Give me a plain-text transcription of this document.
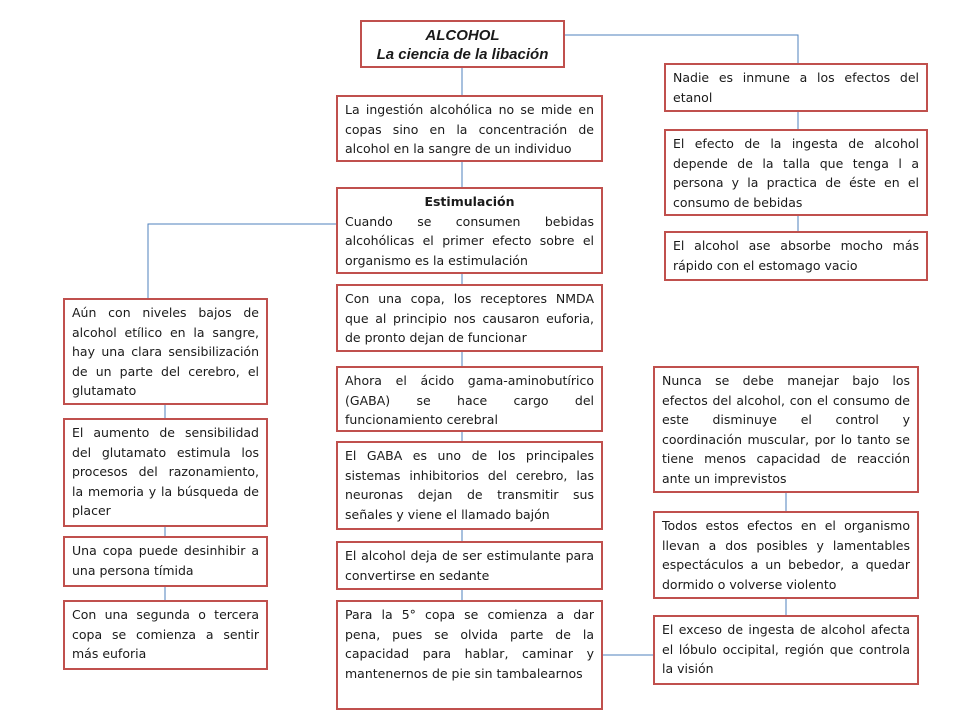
ALCOHOL
La ciencia de la libación
La ingestión alcohólica no se mide en copas sino en la concentración de alcohol en la sangre de un individuo
Estimulación
Cuando se consumen bebidas alcohólicas el primer efecto sobre el organismo es la estimulación
Con una copa, los receptores NMDA que al principio nos causaron euforia, de pronto dejan de funcionar
Ahora el ácido gama-aminobutírico (GABA) se hace cargo del funcionamiento cerebral
El GABA es uno de los principales sistemas inhibitorios del cerebro, las neuronas dejan de transmitir sus señales y viene el llamado bajón
El alcohol deja de ser estimulante para convertirse en sedante
Para la 5° copa se comienza a dar pena, pues se olvida parte de la capacidad para hablar, caminar y mantenernos de pie sin tambalearnos
Aún con niveles bajos de alcohol etílico en la sangre, hay una clara sensibilización de un parte del cerebro, el glutamato
El aumento de sensibilidad del glutamato estimula los procesos del razonamiento, la memoria y la búsqueda de placer
Una copa puede desinhibir a una persona tímida
Con una segunda o tercera copa se comienza a sentir más euforia
Nadie es inmune a los efectos del etanol
El efecto de la ingesta de alcohol depende de la talla que tenga l a persona y la practica de éste en el consumo de bebidas
El alcohol ase absorbe mocho más rápido con el estomago vacio
Nunca se debe manejar bajo los efectos del alcohol, con el consumo de este disminuye el control y coordinación muscular, por lo tanto se tiene menos capacidad de reacción ante un imprevistos
Todos estos efectos en el organismo llevan a dos posibles y lamentables espectáculos a un bebedor, a quedar dormido o volverse violento
El exceso de ingesta de alcohol afecta el lóbulo occipital, región que controla la visión
